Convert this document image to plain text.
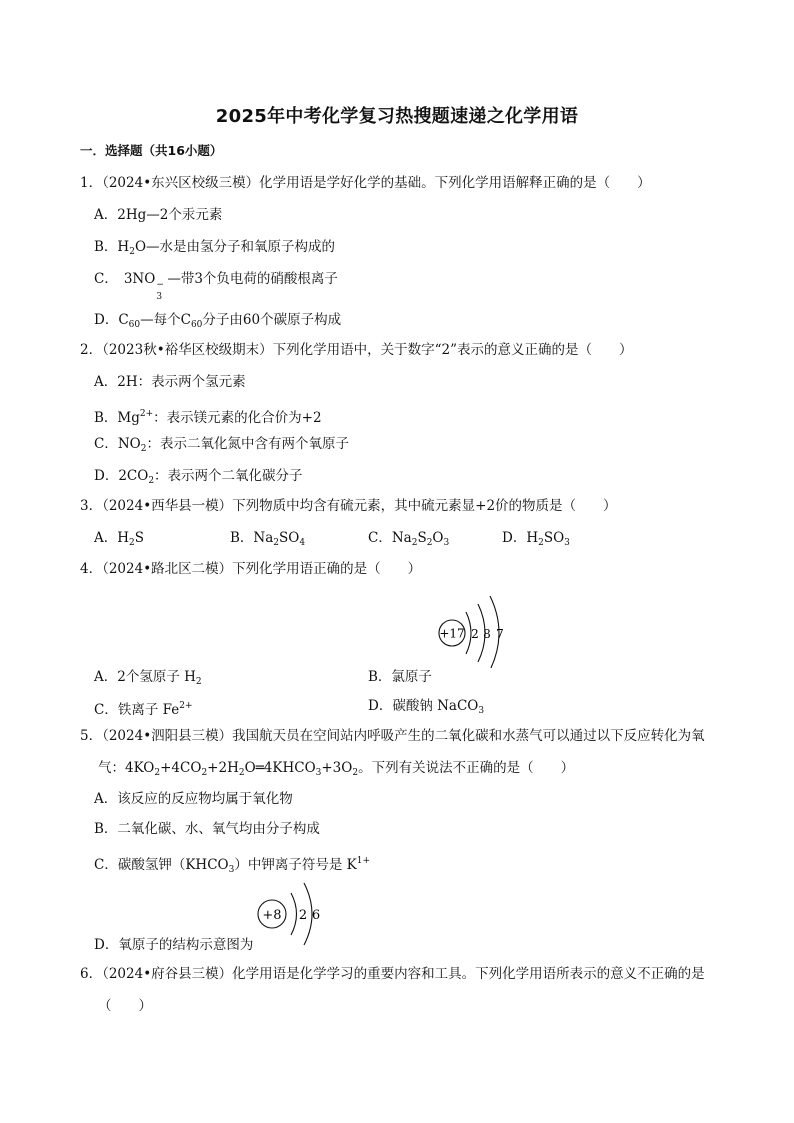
2025年中考化学复习热搜题速递之化学用语
一．选择题（共16小题）
1．（2024•东兴区校级三模）化学用语是学好化学的基础。下列化学用语解释正确的是（　　）
A．2Hg—2个汞元素
B．$H_2O—$水是由氢分子和氧原子构成的
C． 3NO −
3
—带3个负电荷的硝酸根离子
D．$C_{60}—$每个$C_{60}$分子由60个碳原子构成
2．（2023秋•裕华区校级期末）下列化学用语中，关于数字“2”表示的意义正确的是（　　）
A．2H：表示两个氢元素
B．$Mg^{2+}$：表示镁元素的化合价为+2
C．$NO_2$：表示二氧化氮中含有两个氧原子
D．$2CO_2$：表示两个二氧化碳分子
3．（2024•西华县一模）下列物质中均含有硫元素，其中硫元素显+2价的物质是（　　）
A．$H_2S$	B．$Na_2SO_4$	C．$Na_2S_2O_3$	D．$H_2SO_3$
4．（2024•路北区二模）下列化学用语正确的是（　　）
+17 2 8 7
A．2个氢原子 $H_2$	B．氯原子
C．铁离子 $Fe^{2+}$	D．碳酸钠 NaCO$_3$
5．（2024•泗阳县三模）我国航天员在空间站内呼吸产生的二氧化碳和水蒸气可以通过以下反应转化为氧
气：$4KO_2+4CO_2+2H_2O═4KHCO_3+3O_2$。下列有关说法不正确的是（　　）
A．该反应的反应物均属于氧化物
B．二氧化碳、水、氧气均由分子构成
C．碳酸氢钾$(KHCO_3)$中钾离子符号是 $K^{1+}$
+8 2 6
D．氧原子的结构示意图为
6．（2024•府谷县三模）化学用语是化学学习的重要内容和工具。下列化学用语所表示的意义不正确的是
（　　）
